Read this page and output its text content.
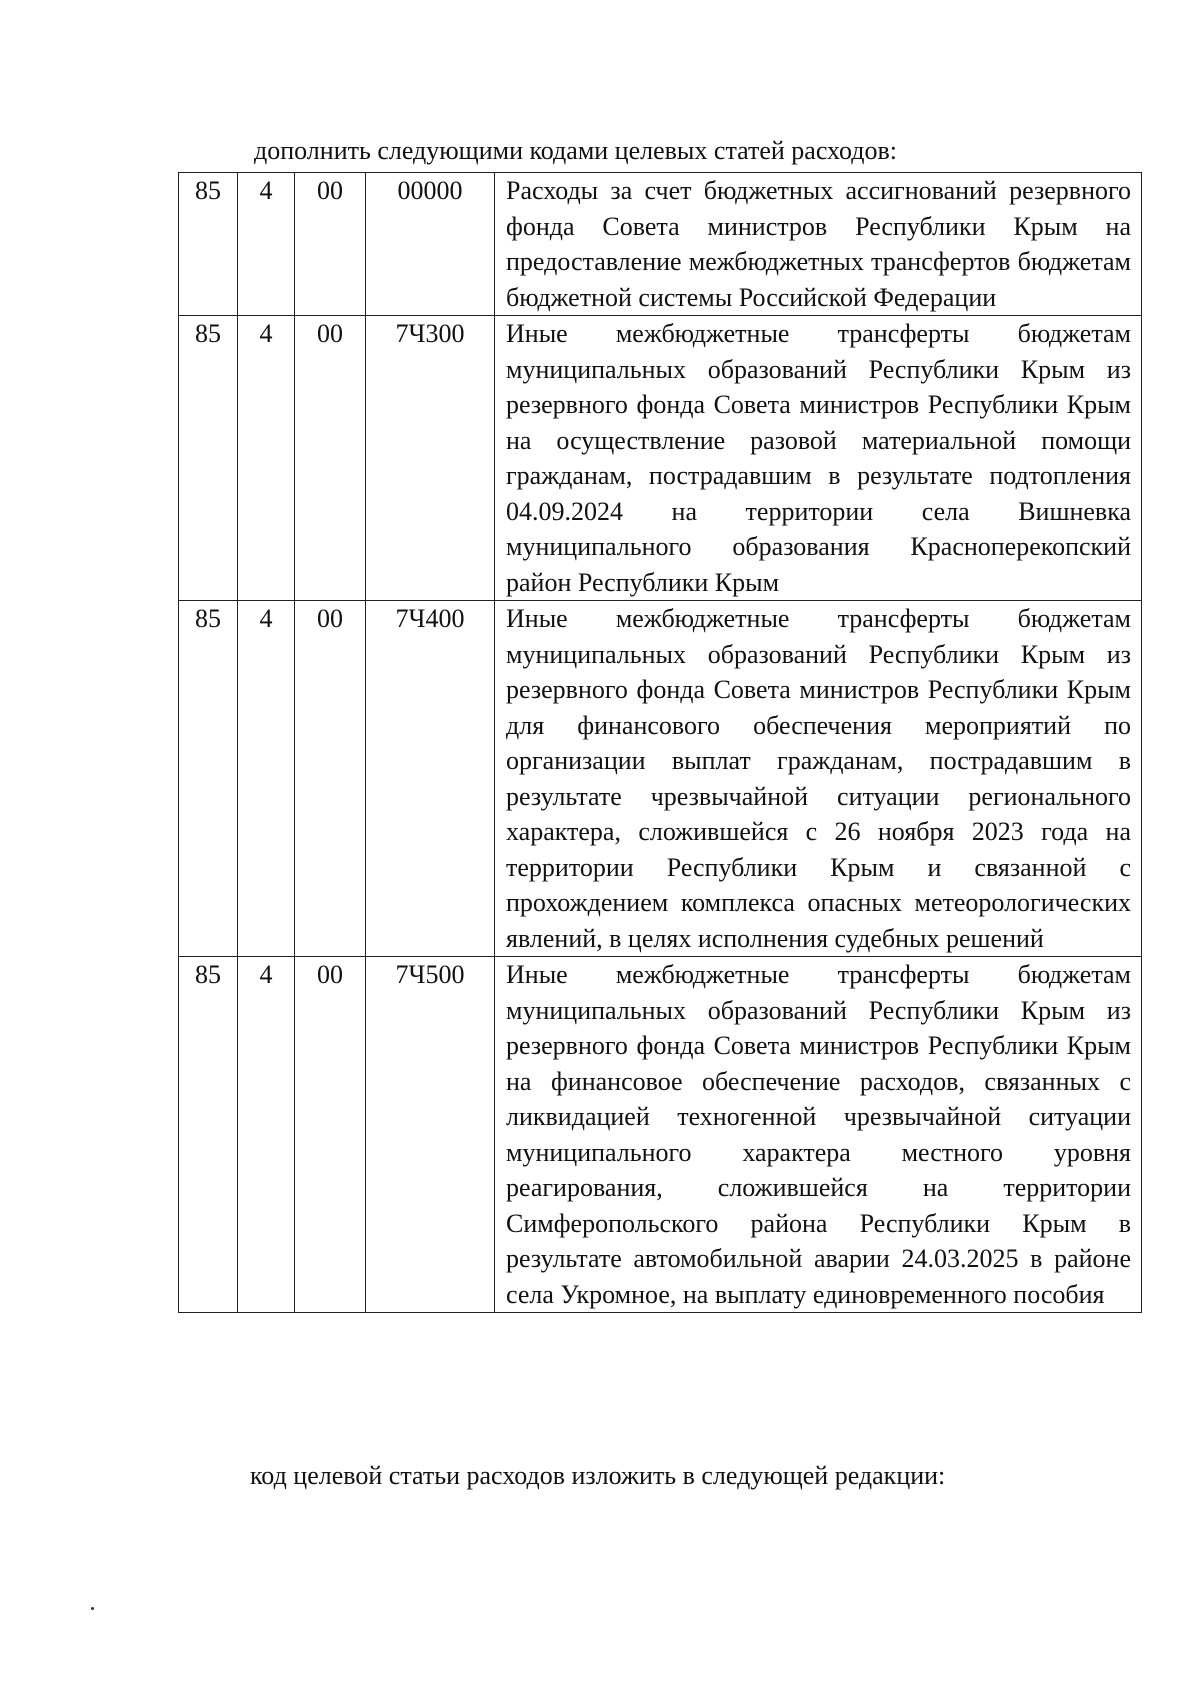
дополнить следующими кодами целевых статей расходов:
85	4	00	00000	Расходы за счет бюджетных ассигнований резервного фонда Совета министров Республики Крым на предоставление межбюджетных трансфертов бюджетам бюджетной системы Российской Федерации
85	4	00	7Ч300	Иные межбюджетные трансферты бюджетам муниципальных образований Республики Крым из резервного фонда Совета министров Республики Крым на осуществление разовой материальной помощи гражданам, пострадавшим в результате подтопления 04.09.2024 на территории села Вишневка муниципального образования Красноперекопский район Республики Крым
85	4	00	7Ч400	Иные межбюджетные трансферты бюджетам муниципальных образований Республики Крым из резервного фонда Совета министров Республики Крым для финансового обеспечения мероприятий по организации выплат гражданам, пострадавшим в результате чрезвычайной ситуации регионального характера, сложившейся с 26 ноября 2023 года на территории Республики Крым и связанной с прохождением комплекса опасных метеорологических явлений, в целях исполнения судебных решений
85	4	00	7Ч500	Иные межбюджетные трансферты бюджетам муниципальных образований Республики Крым из резервного фонда Совета министров Республики Крым на финансовое обеспечение расходов, связанных с ликвидацией техногенной чрезвычайной ситуации муниципального характера местного уровня реагирования, сложившейся на территории Симферопольского района Республики Крым в результате автомобильной аварии 24.03.2025 в районе села Укромное, на выплату единовременного пособия
код целевой статьи расходов изложить в следующей редакции:
